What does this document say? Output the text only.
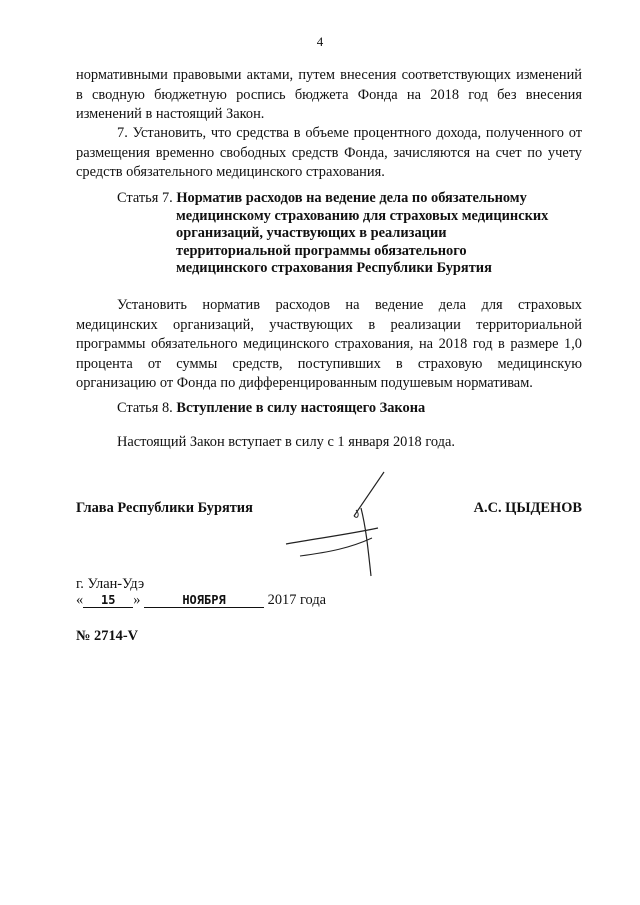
4

нормативными правовыми актами, путем внесения соответствующих изменений в сводную бюджетную роспись бюджета Фонда на 2018 год без внесения изменений в настоящий Закон.

7. Установить, что средства в объеме процентного дохода, полученного от размещения временно свободных средств Фонда, зачисляются на счет по учету средств обязательного медицинского страхования.

Статья 7. Норматив расходов на ведение дела по обязательному
медицинскому страхованию для страховых медицинских
организаций, участвующих в реализации
территориальной программы обязательного
медицинского страхования Республики Бурятия

Установить норматив расходов на ведение дела для страховых медицинских организаций, участвующих в реализации территориальной программы обязательного медицинского страхования, на 2018 год в размере 1,0 процента от суммы средств, поступивших в страховую медицинскую организацию от Фонда по дифференцированным подушевым нормативам.

Статья 8. Вступление в силу настоящего Закона

Настоящий Закон вступает в силу с 1 января 2018 года.

Глава Республики Бурятия	А.С. ЦЫДЕНОВ
г. Улан-Удэ
« 15 »	НОЯБРЯ	2017 года
№ 2714-V
